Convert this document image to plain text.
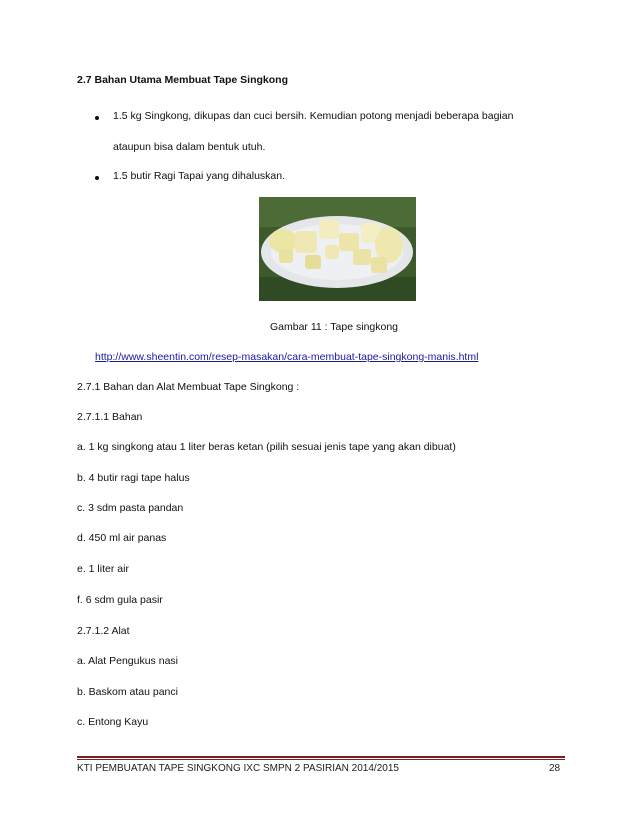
2.7 Bahan Utama Membuat Tape Singkong
1.5 kg Singkong, dikupas dan cuci bersih. Kemudian potong menjadi beberapa bagian
ataupun bisa dalam bentuk utuh.
1.5 butir Ragi Tapai yang dihaluskan.
Gambar 11 : Tape singkong
http://www.sheentin.com/resep-masakan/cara-membuat-tape-singkong-manis.html
2.7.1 Bahan dan Alat Membuat Tape Singkong :
2.7.1.1 Bahan
a. 1 kg singkong atau 1 liter beras ketan (pilih sesuai jenis tape yang akan dibuat)
b. 4 butir ragi tape halus
c. 3 sdm pasta pandan
d. 450 ml air panas
e. 1 liter air
f. 6 sdm gula pasir
2.7.1.2 Alat
a. Alat Pengukus nasi
b. Baskom atau panci
c. Entong Kayu
KTI PEMBUATAN TAPE SINGKONG IXC SMPN 2 PASIRIAN 2014/2015	28
